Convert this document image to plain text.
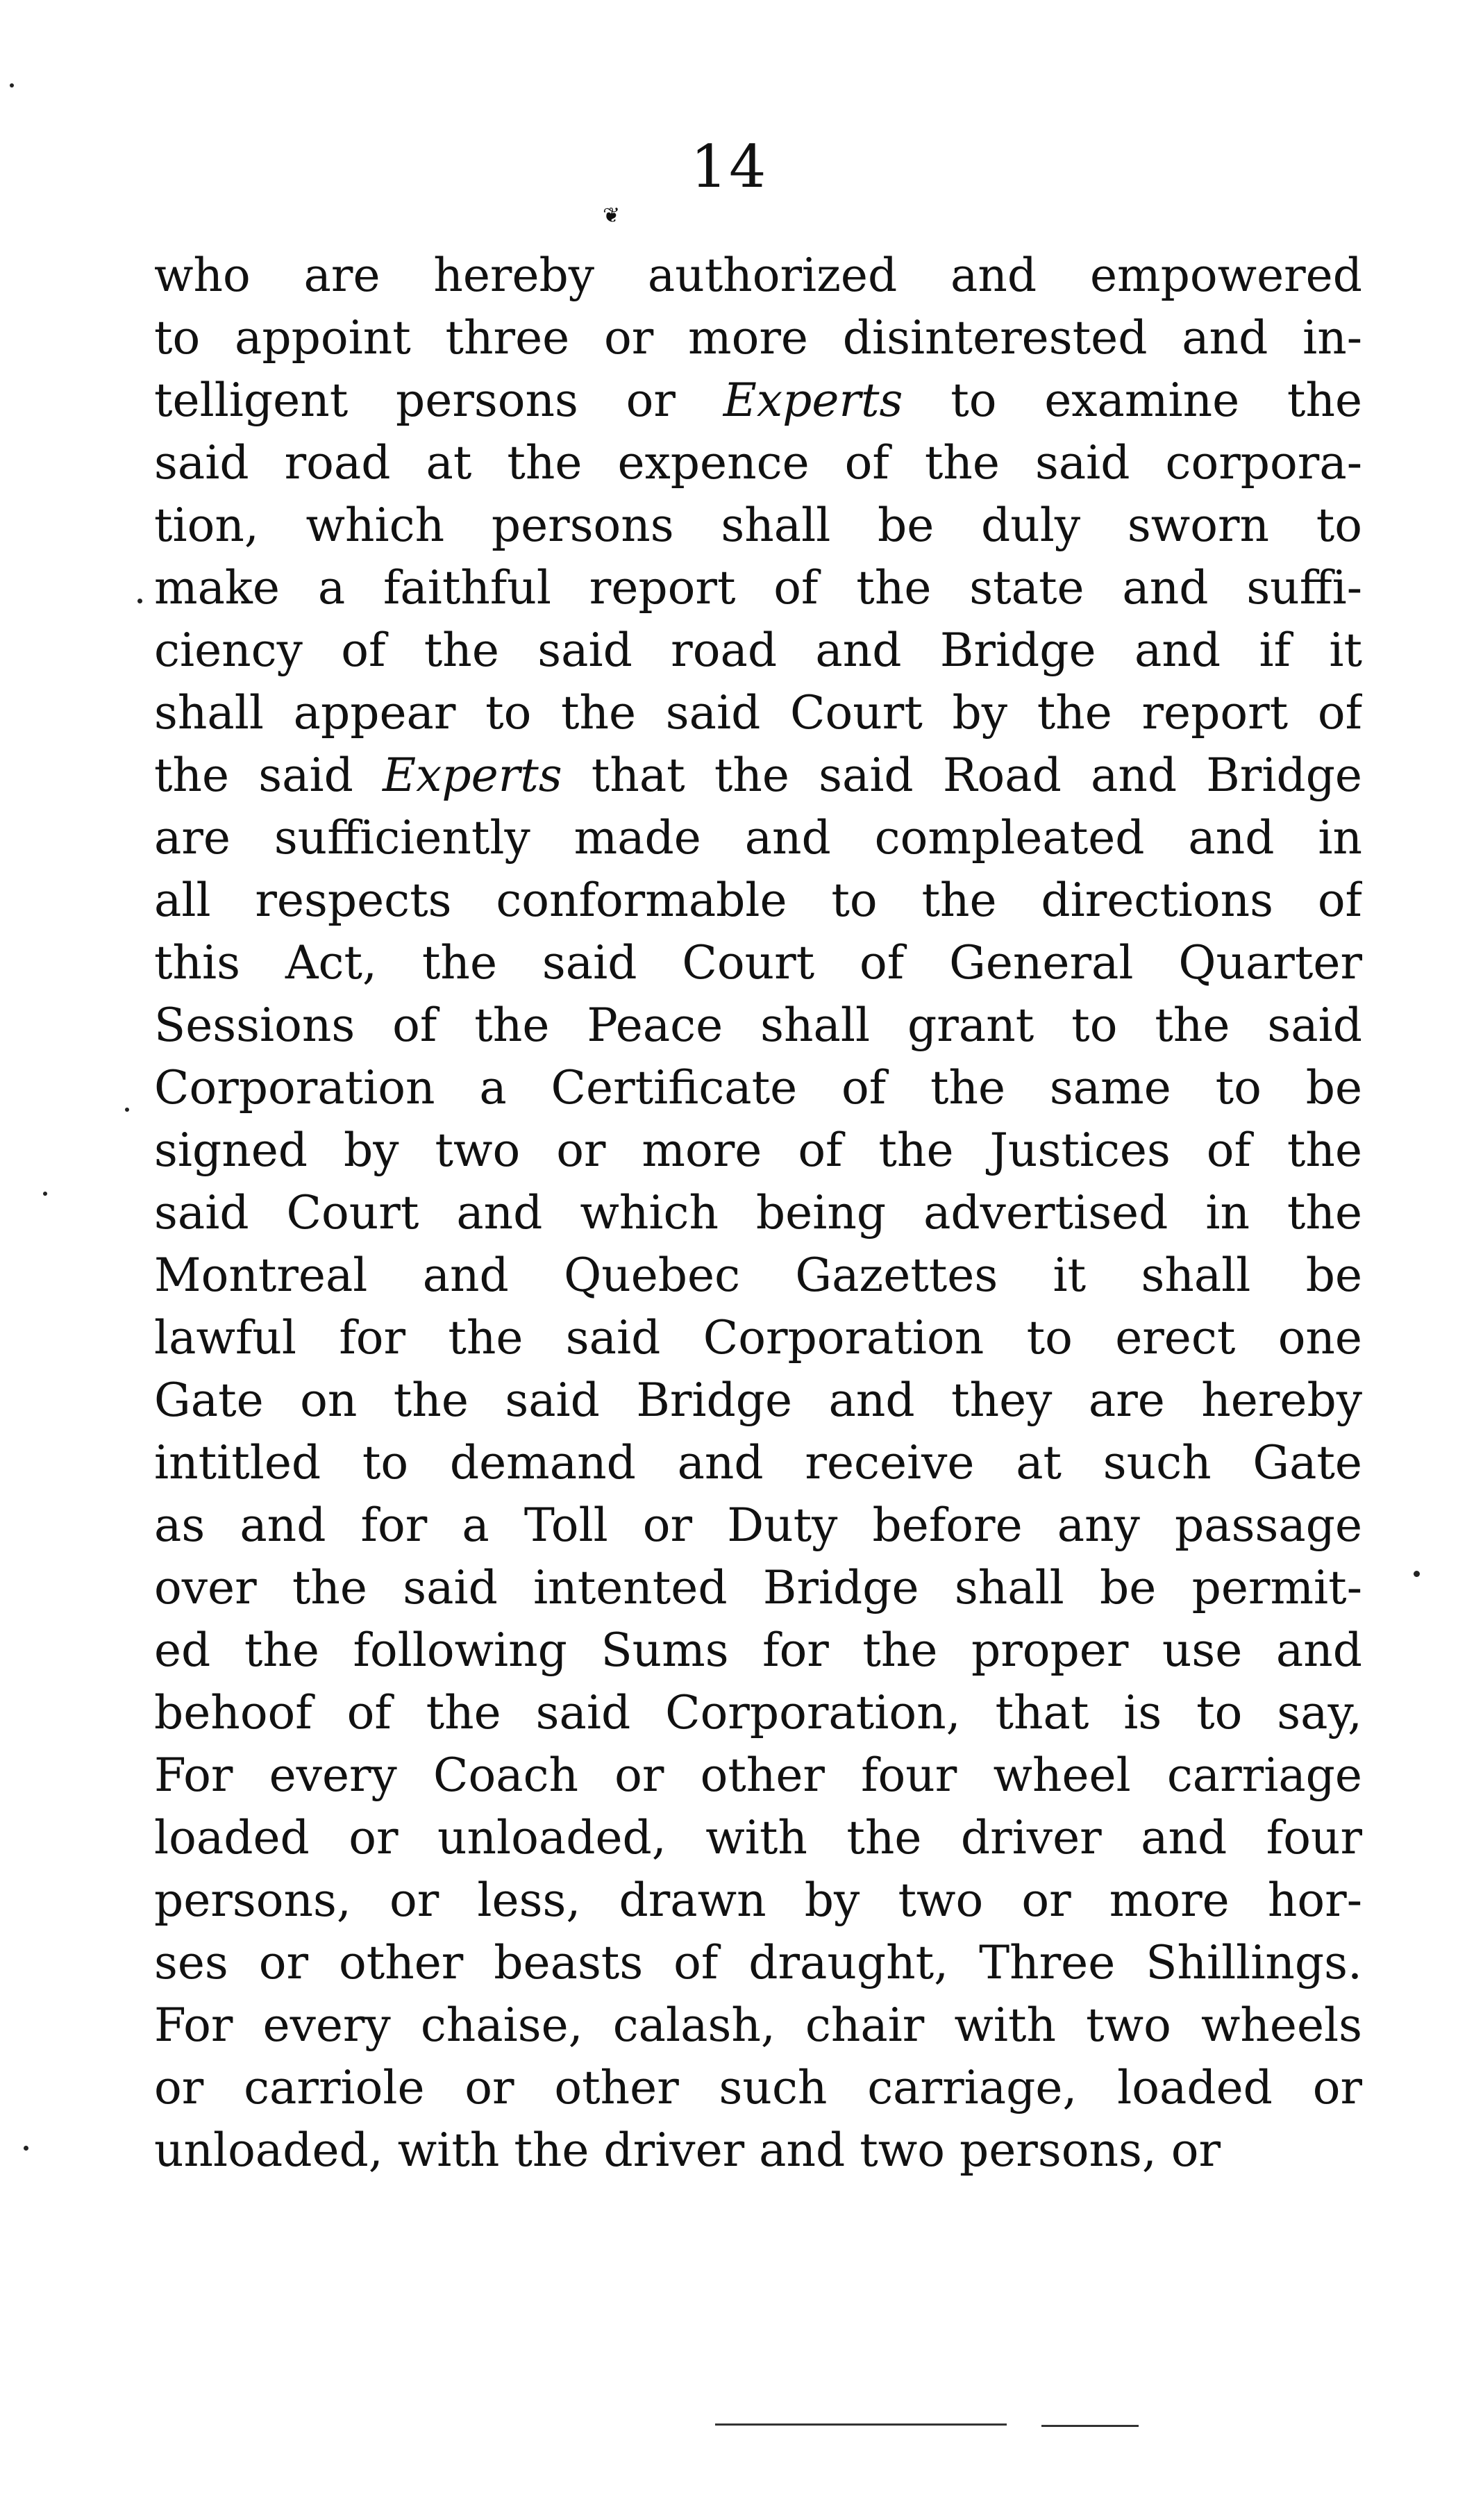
14
❦
who are hereby authorized and empowered
to appoint three or more disinterested and in-
telligent persons or Experts to examine the
said road at the expence of the said corpora-
tion, which persons shall be duly sworn to
make a faithful report of the state and suffi-
ciency of the said road and Bridge and if it
shall appear to the said Court by the report of
the said Experts that the said Road and Bridge
are sufficiently made and compleated and in
all respects conformable to the directions of
this Act, the said Court of General Quarter
Sessions of the Peace shall grant to the said
Corporation a Certificate of the same to be
signed by two or more of the Justices of the
said Court and which being advertised in the
Montreal and Quebec Gazettes it shall be
lawful for the said Corporation to erect one
Gate on the said Bridge and they are hereby
intitled to demand and receive at such Gate
as and for a Toll or Duty before any passage
over the said intented Bridge shall be permit-
ed the following Sums for the proper use and
behoof of the said Corporation, that is to say,
For every Coach or other four wheel carriage
loaded or unloaded, with the driver and four
persons, or less, drawn by two or more hor-
ses or other beasts of draught, Three Shillings.
For every chaise, calash, chair with two wheels
or carriole or other such carriage, loaded or
unloaded, with the driver and two persons, or
